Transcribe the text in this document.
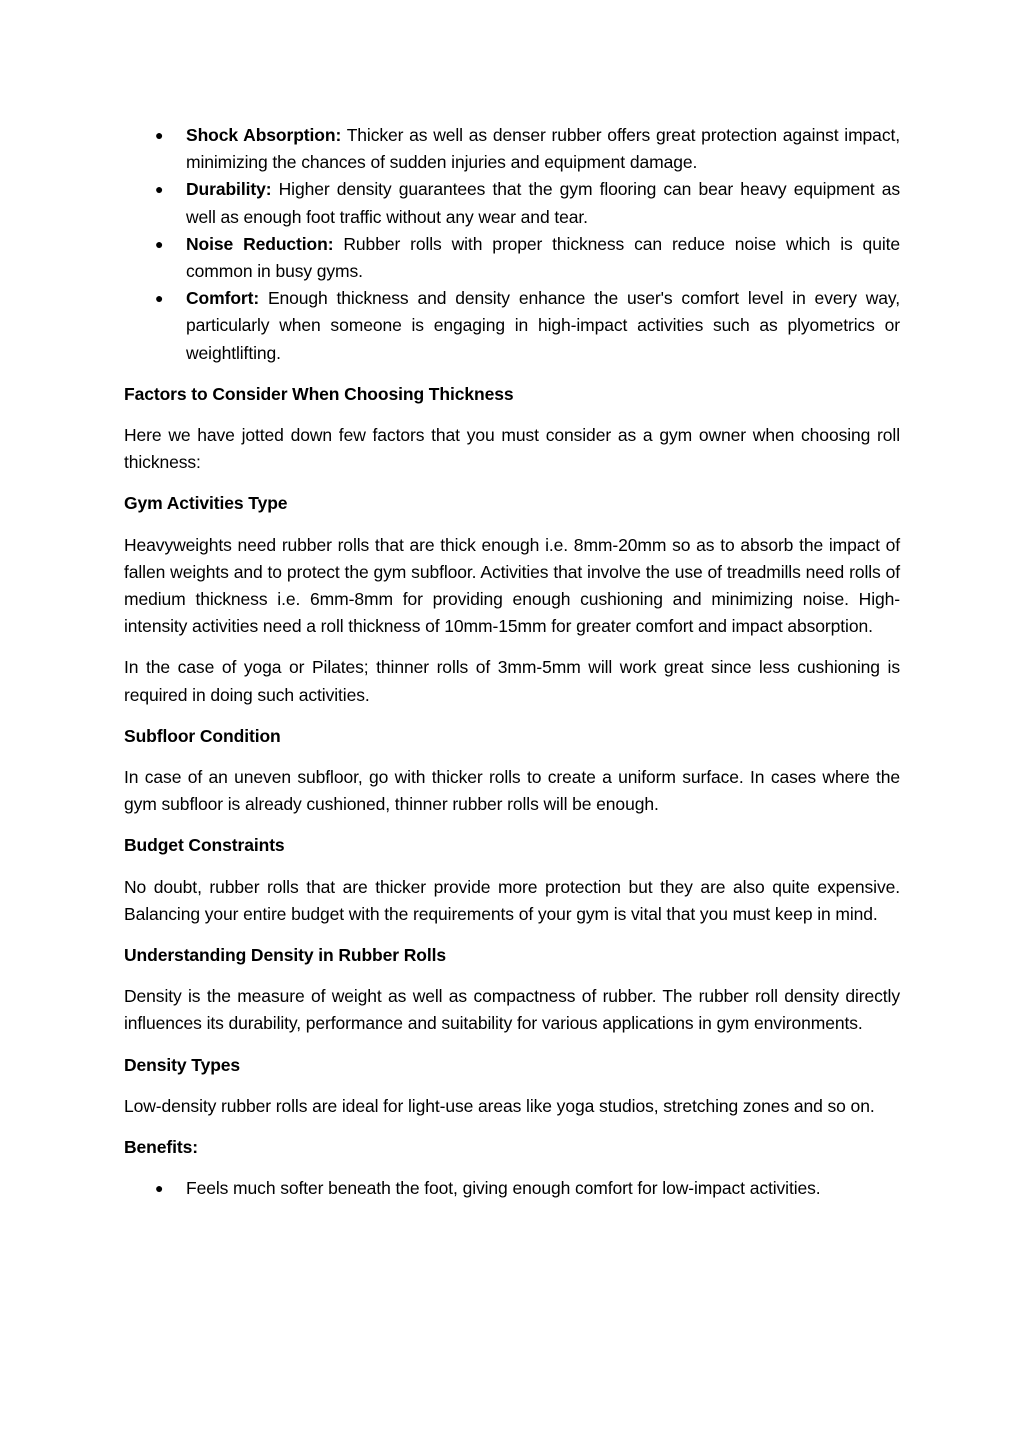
● Shock Absorption: Thicker as well as denser rubber offers great protection against impact, minimizing the chances of sudden injuries and equipment damage.
● Durability: Higher density guarantees that the gym flooring can bear heavy equipment as well as enough foot traffic without any wear and tear.
● Noise Reduction: Rubber rolls with proper thickness can reduce noise which is quite common in busy gyms.
● Comfort: Enough thickness and density enhance the user's comfort level in every way, particularly when someone is engaging in high-impact activities such as plyometrics or weightlifting.
Factors to Consider When Choosing Thickness

Here we have jotted down few factors that you must consider as a gym owner when choosing roll thickness:

Gym Activities Type

Heavyweights need rubber rolls that are thick enough i.e. 8mm-20mm so as to absorb the impact of fallen weights and to protect the gym subfloor. Activities that involve the use of treadmills need rolls of medium thickness i.e. 6mm-8mm for providing enough cushioning and minimizing noise. High-intensity activities need a roll thickness of 10mm-15mm for greater comfort and impact absorption.

In the case of yoga or Pilates; thinner rolls of 3mm-5mm will work great since less cushioning is required in doing such activities.

Subfloor Condition

In case of an uneven subfloor, go with thicker rolls to create a uniform surface. In cases where the gym subfloor is already cushioned, thinner rubber rolls will be enough.

Budget Constraints

No doubt, rubber rolls that are thicker provide more protection but they are also quite expensive. Balancing your entire budget with the requirements of your gym is vital that you must keep in mind.

Understanding Density in Rubber Rolls

Density is the measure of weight as well as compactness of rubber. The rubber roll density directly influences its durability, performance and suitability for various applications in gym environments.

Density Types

Low-density rubber rolls are ideal for light-use areas like yoga studios, stretching zones and so on.

Benefits:
● Feels much softer beneath the foot, giving enough comfort for low-impact activities.
